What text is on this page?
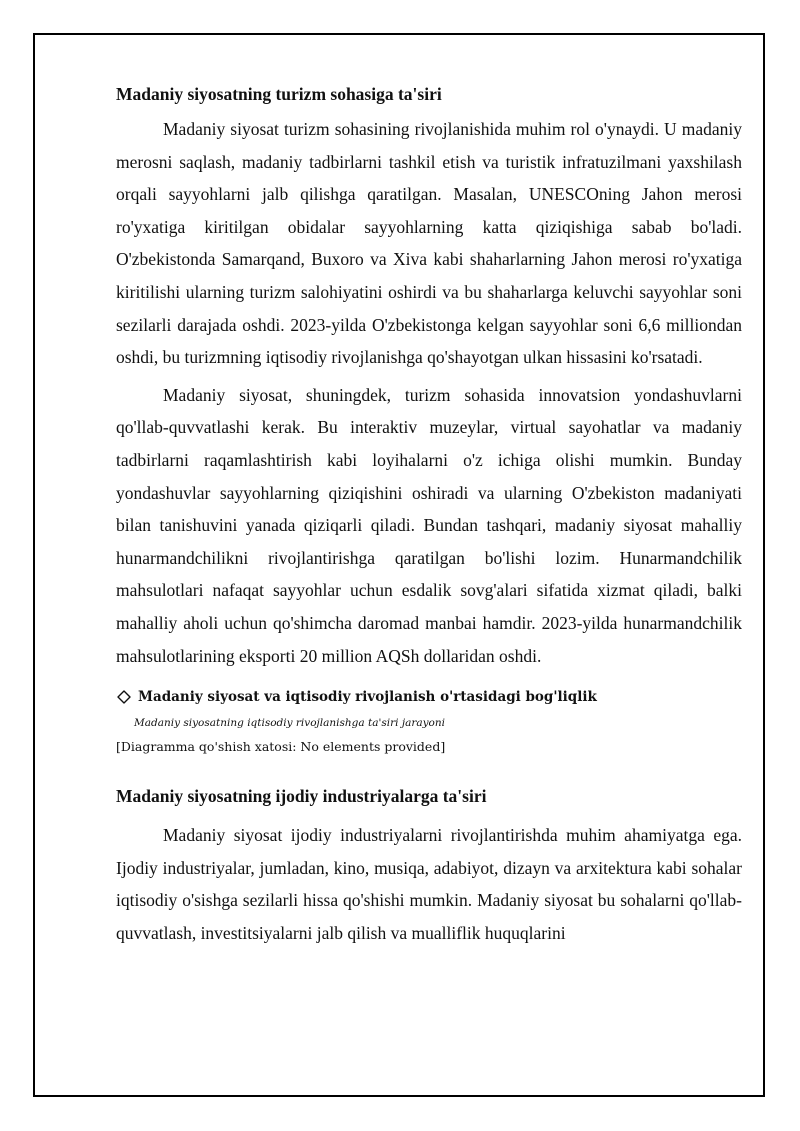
Madaniy siyosatning turizm sohasiga ta'siri

Madaniy siyosat turizm sohasining rivojlanishida muhim rol o'ynaydi. U madaniy merosni saqlash, madaniy tadbirlarni tashkil etish va turistik infratuzilmani yaxshilash orqali sayyohlarni jalb qilishga qaratilgan. Masalan, UNESCOning Jahon merosi ro'yxatiga kiritilgan obidalar sayyohlarning katta qiziqishiga sabab bo'ladi. O'zbekistonda Samarqand, Buxoro va Xiva kabi shaharlarning Jahon merosi ro'yxatiga kiritilishi ularning turizm salohiyatini oshirdi va bu shaharlarga keluvchi sayyohlar soni sezilarli darajada oshdi. 2023-yilda O'zbekistonga kelgan sayyohlar soni 6,6 milliondan oshdi, bu turizmning iqtisodiy rivojlanishga qo'shayotgan ulkan hissasini ko'rsatadi.

Madaniy siyosat, shuningdek, turizm sohasida innovatsion yondashuvlarni qo'llab-quvvatlashi kerak. Bu interaktiv muzeylar, virtual sayohatlar va madaniy tadbirlarni raqamlashtirish kabi loyihalarni o'z ichiga olishi mumkin. Bunday yondashuvlar sayyohlarning qiziqishini oshiradi va ularning O'zbekiston madaniyati bilan tanishuvini yanada qiziqarli qiladi. Bundan tashqari, madaniy siyosat mahalliy hunarmandchilikni rivojlantirishga qaratilgan bo'lishi lozim. Hunarmandchilik mahsulotlari nafaqat sayyohlar uchun esdalik sovg'alari sifatida xizmat qiladi, balki mahalliy aholi uchun qo'shimcha daromad manbai hamdir. 2023-yilda hunarmandchilik mahsulotlarining eksporti 20 million AQSh dollaridan oshdi.

Madaniy siyosat va iqtisodiy rivojlanish o'rtasidagi bog'liqlik
Madaniy siyosatning iqtisodiy rivojlanishga ta'siri jarayoni
[Diagramma qo'shish xatosi: No elements provided]
Madaniy siyosatning ijodiy industriyalarga ta'siri

Madaniy siyosat ijodiy industriyalarni rivojlantirishda muhim ahamiyatga ega. Ijodiy industriyalar, jumladan, kino, musiqa, adabiyot, dizayn va arxitektura kabi sohalar iqtisodiy o'sishga sezilarli hissa qo'shishi mumkin. Madaniy siyosat bu sohalarni qo'llab-quvvatlash, investitsiyalarni jalb qilish va mualliflik huquqlarini
